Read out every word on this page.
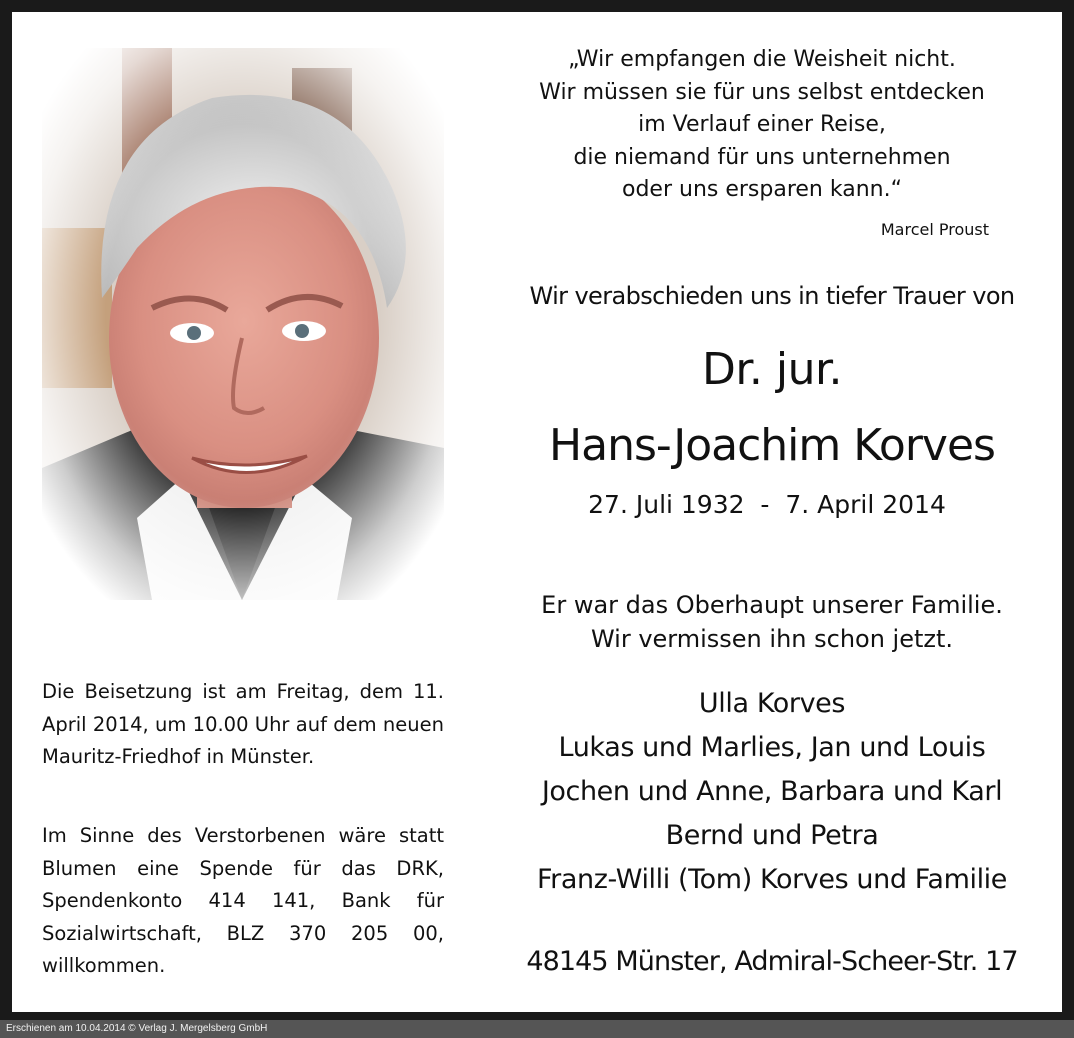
„Wir empfangen die Weisheit nicht.
Wir müssen sie für uns selbst entdecken
im Verlauf einer Reise,
die niemand für uns unternehmen
oder uns ersparen kann.“
Marcel Proust
Wir verabschieden uns in tiefer Trauer von
Dr. jur.
Hans-Joachim Korves
27. Juli 1932  -  7. April 2014
Er war das Oberhaupt unserer Familie.
Wir vermissen ihn schon jetzt.
Ulla Korves
Lukas und Marlies, Jan und Louis
Jochen und Anne, Barbara und Karl
Bernd und Petra
Franz-Willi (Tom) Korves und Familie
48145 Münster, Admiral-Scheer-Str. 17
Die Beisetzung ist am Freitag, dem 11. April 2014, um 10.00 Uhr auf dem neuen Mauritz-Friedhof in Münster.
Im Sinne des Verstorbenen wäre statt Blumen eine Spende für das DRK, Spendenkonto 414 141, Bank für Sozialwirtschaft, BLZ 370 205 00, willkommen.
Erschienen am 10.04.2014 © Verlag J. Mergelsberg GmbH
